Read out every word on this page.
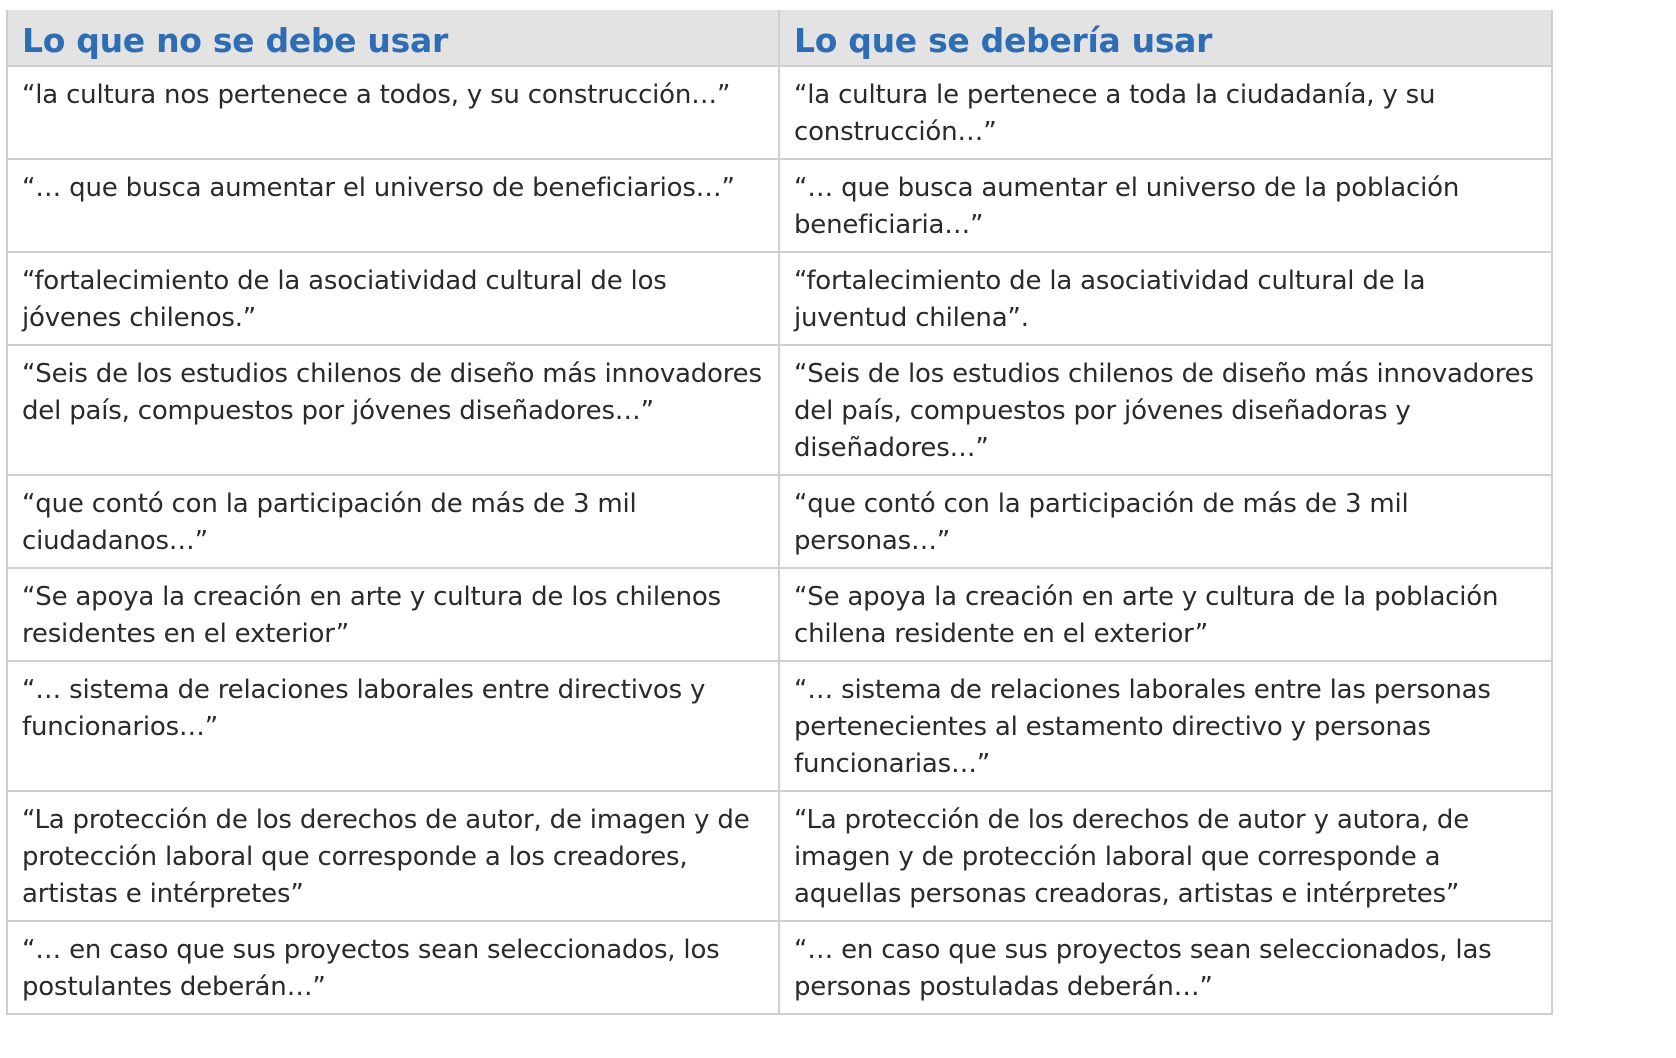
Lo que no se debe usar	Lo que se debería usar
“la cultura nos pertenece a todos, y su construcción…”	“la cultura le pertenece a toda la ciudadanía, y su construcción…”
“… que busca aumentar el universo de beneficiarios…”	“… que busca aumentar el universo de la población beneficiaria…”
“fortalecimiento de la asociatividad cultural de los jóvenes chilenos.”	“fortalecimiento de la asociatividad cultural de la juventud chilena”.
“Seis de los estudios chilenos de diseño más innovadores del país, compuestos por jóvenes diseñadores…”	“Seis de los estudios chilenos de diseño más innovadores del país, compuestos por jóvenes diseñadoras y diseñadores…”
“que contó con la participación de más de 3 mil ciudadanos…”	“que contó con la participación de más de 3 mil personas…”
“Se apoya la creación en arte y cultura de los chilenos residentes en el exterior”	“Se apoya la creación en arte y cultura de la población chilena residente en el exterior”
“… sistema de relaciones laborales entre directivos y funcionarios…”	“… sistema de relaciones laborales entre las personas pertenecientes al estamento directivo y personas funcionarias…”
“La protección de los derechos de autor, de imagen y de protección laboral que corresponde a los creadores, artistas e intérpretes”	“La protección de los derechos de autor y autora, de imagen y de protección laboral que corresponde a aquellas personas creadoras, artistas e intérpretes”
“… en caso que sus proyectos sean seleccionados, los postulantes deberán…”	“… en caso que sus proyectos sean seleccionados, las personas postuladas deberán…”
